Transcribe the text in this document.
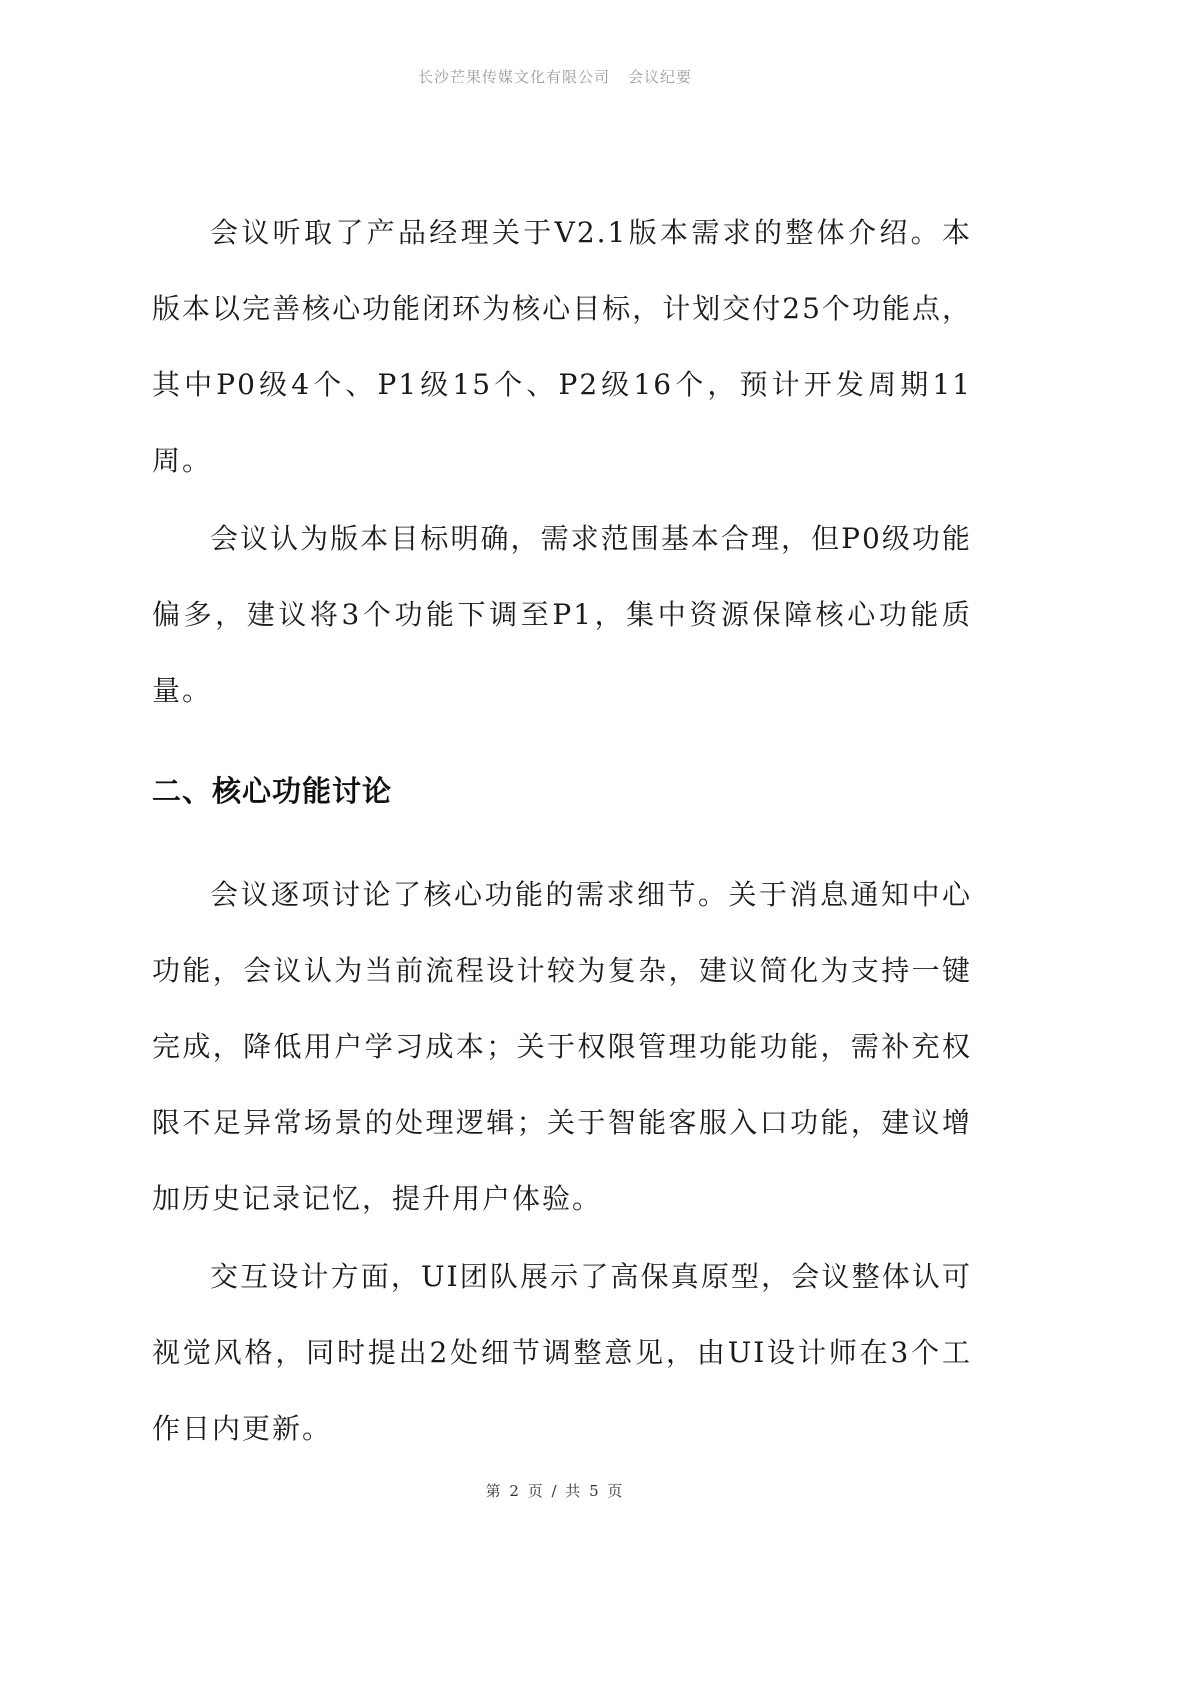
长沙芒果传媒文化有限公司 会议纪要

会议听取了产品经理关于V2.1版本需求的整体介绍。本版本以完善核心功能闭环为核心目标，计划交付25个功能点，其中P0级4个、P1级15个、P2级16个，预计开发周期11周。

会议认为版本目标明确，需求范围基本合理，但P0级功能偏多，建议将3个功能下调至P1，集中资源保障核心功能质量。

二、核心功能讨论

会议逐项讨论了核心功能的需求细节。关于消息通知中心功能，会议认为当前流程设计较为复杂，建议简化为支持一键完成，降低用户学习成本；关于权限管理功能功能，需补充权限不足异常场景的处理逻辑；关于智能客服入口功能，建议增加历史记录记忆，提升用户体验。

交互设计方面，UI团队展示了高保真原型，会议整体认可视觉风格，同时提出2处细节调整意见，由UI设计师在3个工作日内更新。

第 2 页 / 共 5 页
